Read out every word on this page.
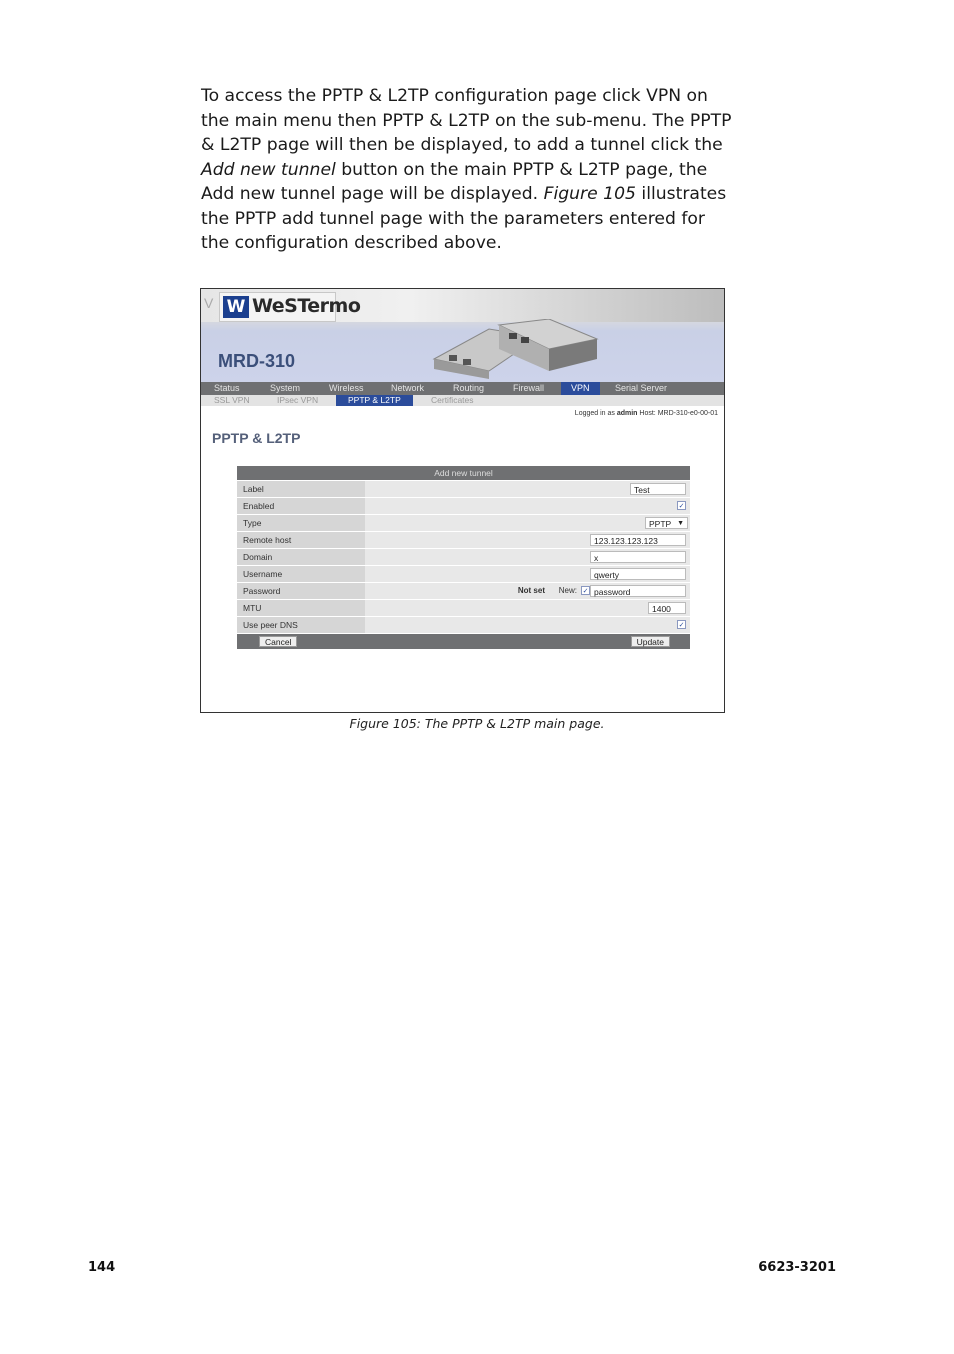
To access the PPTP & L2TP configuration page click VPN on
the main menu then PPTP & L2TP on the sub-menu. The PPTP
& L2TP page will then be displayed, to add a tunnel click the
Add new tunnel button on the main PPTP & L2TP page, the
Add new tunnel page will be displayed. Figure 105 illustrates
the PPTP add tunnel page with the parameters entered for
the configuration described above.
V W WeSTermo
MRD-310
Status	System	Wireless	Network	Routing	Firewall	VPN	Serial Server
SSL VPN	IPsec VPN	PPTP & L2TP	Certificates
Logged in as admin Host: MRD-310-e0-00-01
PPTP & L2TP
Add new tunnel
Label	Test
Enabled	✓
Type	PPTP ▼
Remote host	123.123.123.123
Domain	x
Username	qwerty
Password	Not set New: ✓ password
MTU	1400
Use peer DNS	✓
Cancel	Update
Figure 105: The PPTP & L2TP main page.
144	6623-3201
